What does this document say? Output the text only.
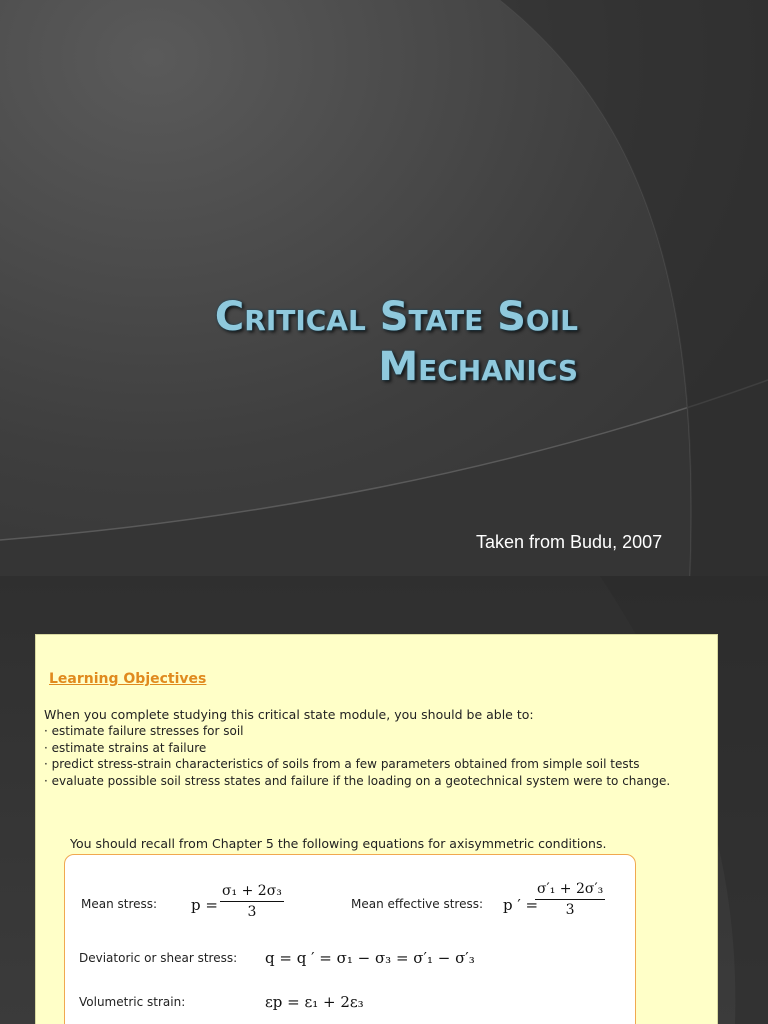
Critical State Soil
Mechanics
Taken from Budu, 2007
Learning Objectives
When you complete studying this critical state module, you should be able to:
· estimate failure stresses for soil
· estimate strains at failure
· predict stress-strain characteristics of soils from a few parameters obtained from simple soil tests
· evaluate possible soil stress states and failure if the loading on a geotechnical system were to change.
You should recall from Chapter 5 the following equations for axisymmetric conditions.
Mean stress: $p = \frac{\text{σ₁ + 2σ₃}}{3}$	Mean effective stress: p ′ =
$\frac{\text{σ′₁ + 2σ′₃}}{3}$
Deviatoric or shear stress: q = q ′ = σ₁ − σ₃ = σ′₁ − σ′₃
Volumetric strain:	εp = ε₁ + 2ε₃
